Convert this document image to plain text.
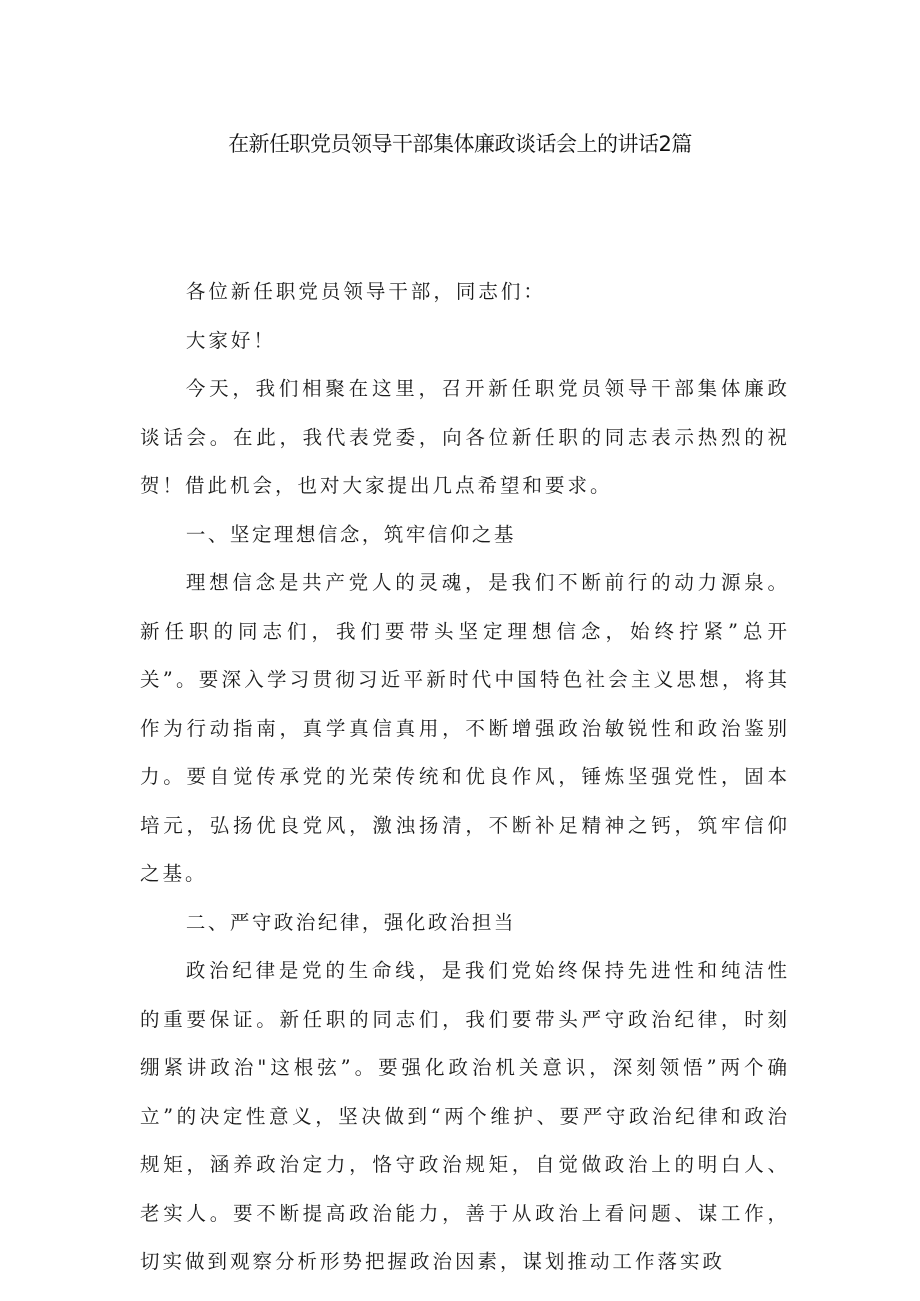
在新任职党员领导干部集体廉政谈话会上的讲话2篇

各位新任职党员领导干部，同志们：

大家好！

今天，我们相聚在这里，召开新任职党员领导干部集体廉政谈话会。在此，我代表党委，向各位新任职的同志表示热烈的祝贺！借此机会，也对大家提出几点希望和要求。

一、坚定理想信念，筑牢信仰之基

理想信念是共产党人的灵魂，是我们不断前行的动力源泉。新任职的同志们，我们要带头坚定理想信念，始终拧紧”总开关”。要深入学习贯彻习近平新时代中国特色社会主义思想，将其作为行动指南，真学真信真用，不断增强政治敏锐性和政治鉴别力。要自觉传承党的光荣传统和优良作风，锤炼坚强党性，固本培元，弘扬优良党风，激浊扬清，不断补足精神之钙，筑牢信仰之基。

二、严守政治纪律，强化政治担当

政治纪律是党的生命线，是我们党始终保持先进性和纯洁性的重要保证。新任职的同志们，我们要带头严守政治纪律，时刻绷紧讲政治"这根弦”。要强化政治机关意识，深刻领悟”两个确立”的决定性意义，坚决做到“两个维护、要严守政治纪律和政治规矩，涵养政治定力，恪守政治规矩，自觉做政治上的明白人、老实人。要不断提高政治能力，善于从政治上看问题、谋工作，切实做到观察分析形势把握政治因素，谋划推动工作落实政
